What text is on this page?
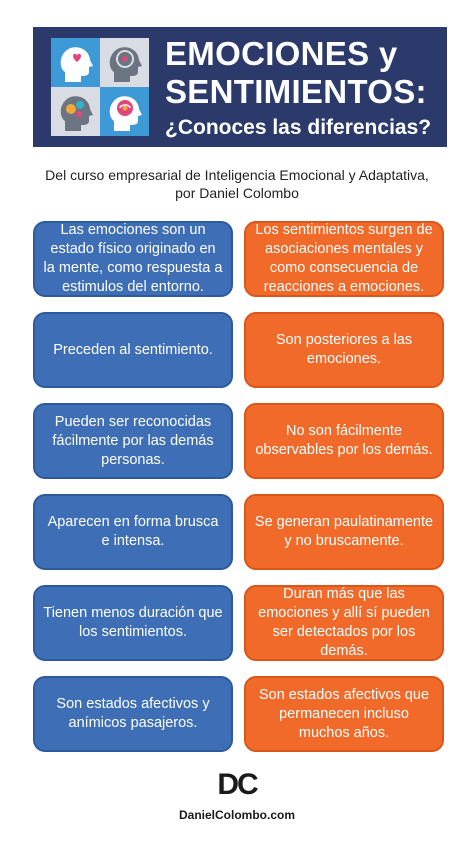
EMOCIONES y
SENTIMIENTOS:
¿Conoces las diferencias?
Del curso empresarial de Inteligencia Emocional y Adaptativa,
por Daniel Colombo
Las emociones son un estado físico originado en la mente, como respuesta a estimulos del entorno.
Los sentimientos surgen de asociaciones mentales y como consecuencia de reacciones a emociones.
Preceden al sentimiento.
Son posteriores a las emociones.
Pueden ser reconocidas fácilmente por las demás personas.
No son fácilmente observables por los demás.
Aparecen en forma brusca e intensa.
Se generan paulatinamente y no bruscamente.
Tienen menos duración que los sentimientos.
Duran más que las emociones y allí sí pueden ser detectados por los demás.
Son estados afectivos y anímicos pasajeros.
Son estados afectivos que permanecen incluso muchos años.
DC
DanielColombo.com
